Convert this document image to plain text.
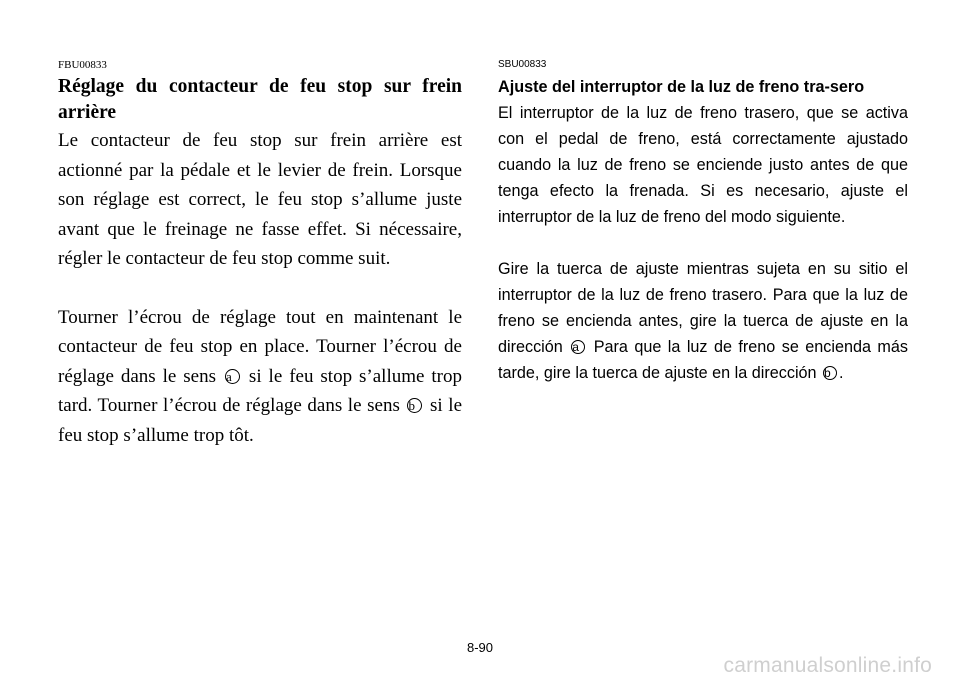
FBU00833
Réglage du contacteur de feu stop sur frein arrière

Le contacteur de feu stop sur frein arrière est actionné par la pédale et le levier de frein. Lorsque son réglage est correct, le feu stop s’allume juste avant que le freinage ne fasse effet. Si nécessaire, régler le contacteur de feu stop comme suit.

Tourner l’écrou de réglage tout en maintenant le contacteur de feu stop en place. Tourner l’écrou de réglage dans le sens a si le feu stop s’allume trop tard. Tourner l’écrou de réglage dans le sens b si le feu stop s’allume trop tôt.

SBU00833
Ajuste del interruptor de la luz de freno tra-sero

El interruptor de la luz de freno trasero, que se activa con el pedal de freno, está correctamente ajustado cuando la luz de freno se enciende justo antes de que tenga efecto la frenada. Si es necesario, ajuste el interruptor de la luz de freno del modo siguiente.

Gire la tuerca de ajuste mientras sujeta en su sitio el interruptor de la luz de freno trasero. Para que la luz de freno se encienda antes, gire la tuerca de ajuste en la dirección a Para que la luz de freno se encienda más tarde, gire la tuerca de ajuste en la dirección b .

8-90
carmanualsonline.info
